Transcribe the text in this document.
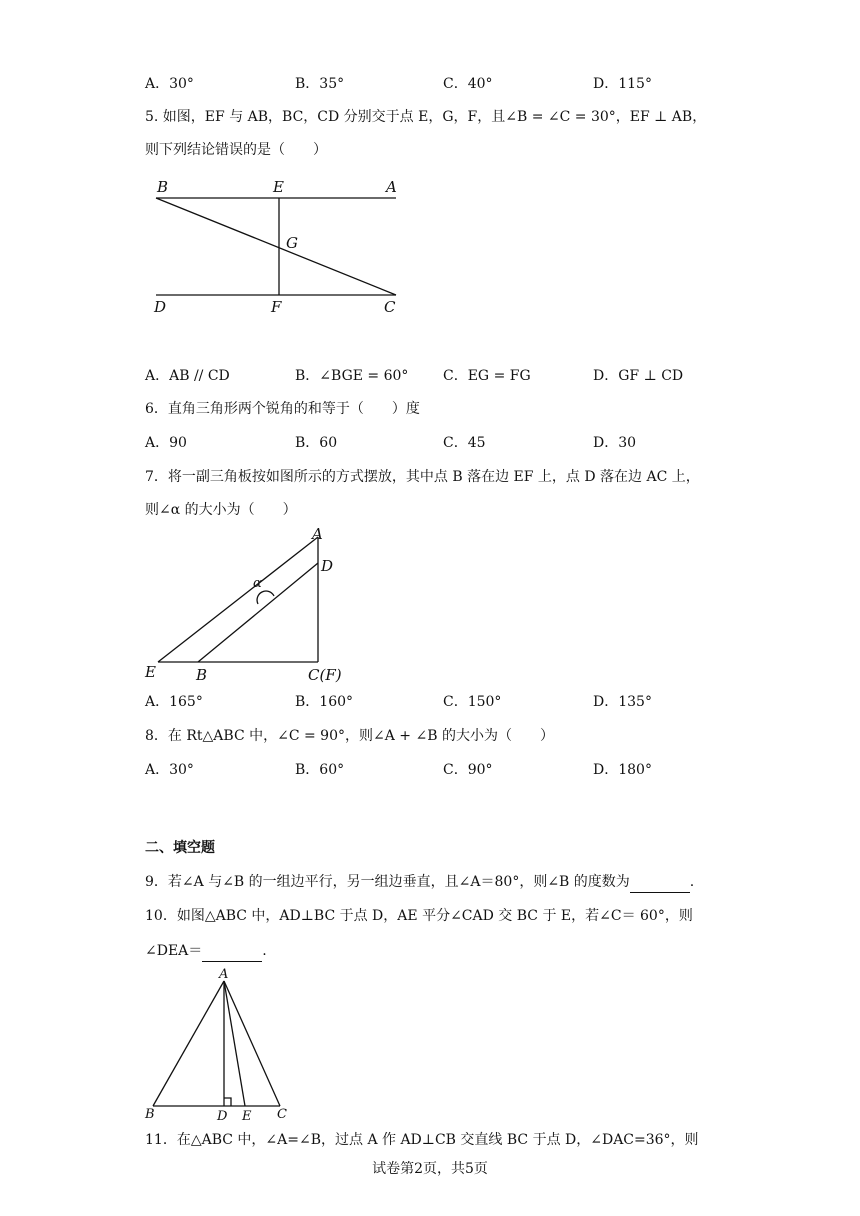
A．30°	B．35°	C．40°	D．115°
5. 如图，EF 与 AB，BC，CD 分别交于点 E，G，F，且∠B = ∠C = 30°，EF ⊥ AB，
则下列结论错误的是（　　）
B	E	A
G
D	F	C
A．AB // CD	B．∠BGE = 60° C．EG = FG	D．GF ⊥ CD
6．直角三角形两个锐角的和等于（　　）度
A．90	B．60	C．45	D．30
7．将一副三角板按如图所示的方式摆放，其中点 B 落在边 EF 上，点 D 落在边 AC 上，
则∠α 的大小为（　　）
A
D
α
E	B	C(F)
A．165°	B．160°	C．150°	D．135°
8．在 Rt△ABC 中，∠C = 90°，则∠A + ∠B 的大小为（　　）
A．30°	B．60°	C．90°	D．180°
二、填空题
9．若∠A 与∠B 的一组边平行，另一组边垂直，且∠A＝80°，则∠B 的度数为	.
10．如图△ABC 中，AD⊥BC 于点 D，AE 平分∠CAD 交 BC 于 E，若∠C＝ 60°，则
∠DEA＝	.
A
B	D E C
11．在△ABC 中，∠A=∠B，过点 A 作 AD⊥CB 交直线 BC 于点 D，∠DAC=36°，则
试卷第2页，共5页
